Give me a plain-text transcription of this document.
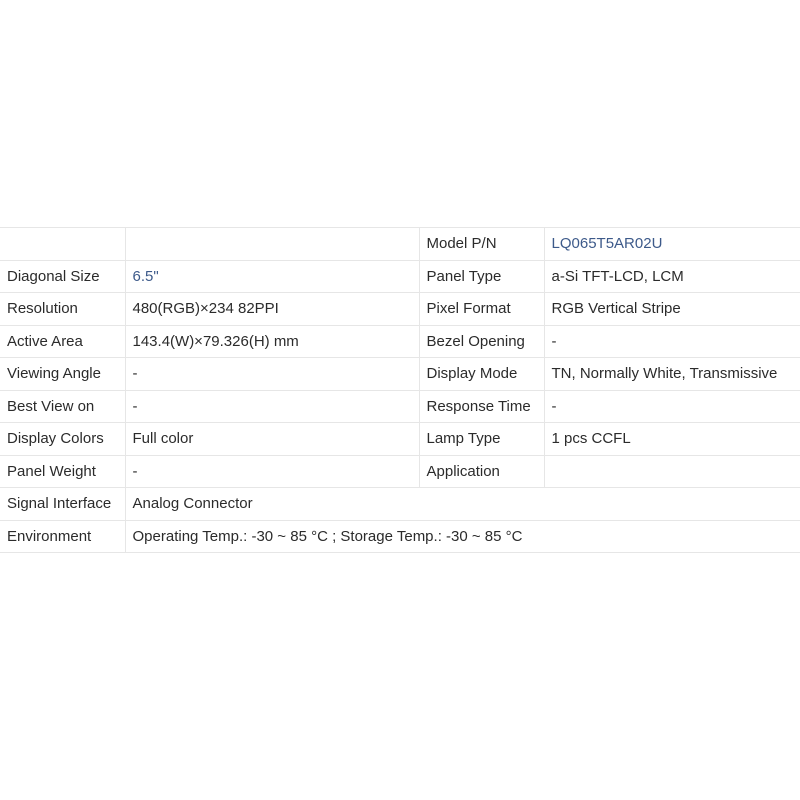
		Model P/N	LQ065T5AR02U
Diagonal Size	6.5"	Panel Type	a-Si TFT-LCD, LCM
Resolution	480(RGB)×234 82PPI	Pixel Format	RGB Vertical Stripe
Active Area	143.4(W)×79.326(H) mm	Bezel Opening	-
Viewing Angle	-	Display Mode	TN, Normally White, Transmissive
Best View on	-	Response Time	-
Display Colors	Full color	Lamp Type	1 pcs CCFL
Panel Weight	-	Application	
Signal Interface	Analog Connector		
Environment	Operating Temp.: -30 ~ 85 °C ; Storage Temp.: -30 ~ 85 °C		
